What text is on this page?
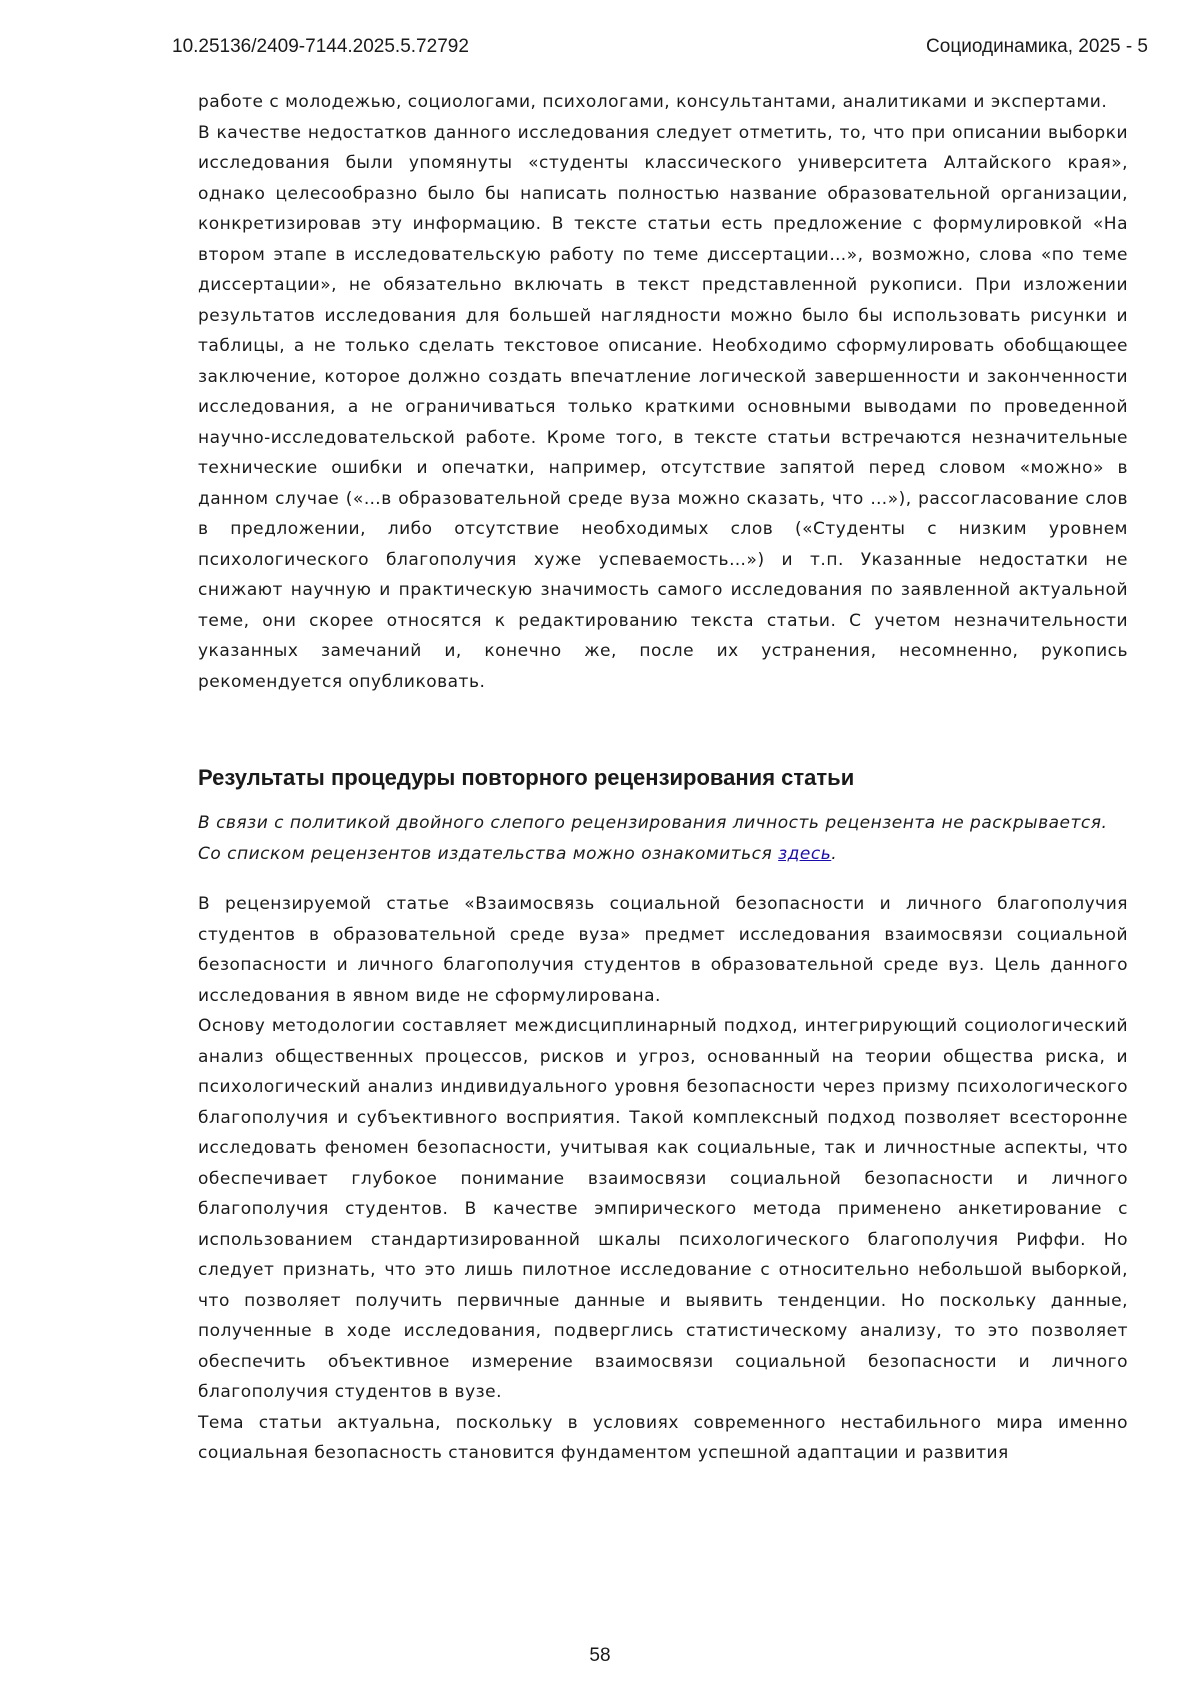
10.25136/2409-7144.2025.5.72792	Социодинамика, 2025 - 5

работе с молодежью, социологами, психологами, консультантами, аналитиками и экспертами.

В качестве недостатков данного исследования следует отметить, то, что при описании выборки исследования были упомянуты «студенты классического университета Алтайского края», однако целесообразно было бы написать полностью название образовательной организации, конкретизировав эту информацию. В тексте статьи есть предложение с формулировкой «На втором этапе в исследовательскую работу по теме диссертации…», возможно, слова «по теме диссертации», не обязательно включать в текст представленной рукописи. При изложении результатов исследования для большей наглядности можно было бы использовать рисунки и таблицы, а не только сделать текстовое описание. Необходимо сформулировать обобщающее заключение, которое должно создать впечатление логической завершенности и законченности исследования, а не ограничиваться только краткими основными выводами по проведенной научно-исследовательской работе. Кроме того, в тексте статьи встречаются незначительные технические ошибки и опечатки, например, отсутствие запятой перед словом «можно» в данном случае («…в образовательной среде вуза можно сказать, что …»), рассогласование слов в предложении, либо отсутствие необходимых слов («Студенты с низким уровнем психологического благополучия хуже успеваемость…») и т.п. Указанные недостатки не снижают научную и практическую значимость самого исследования по заявленной актуальной теме, они скорее относятся к редактированию текста статьи. С учетом незначительности указанных замечаний и, конечно же, после их устранения, несомненно, рукопись рекомендуется опубликовать.

Результаты процедуры повторного рецензирования статьи

В связи с политикой двойного слепого рецензирования личность рецензента не раскрывается.

Со списком рецензентов издательства можно ознакомиться здесь.

В рецензируемой статье «Взаимосвязь социальной безопасности и личного благополучия студентов в образовательной среде вуза» предмет исследования взаимосвязи социальной безопасности и личного благополучия студентов в образовательной среде вуз. Цель данного исследования в явном виде не сформулирована.

Основу методологии составляет междисциплинарный подход, интегрирующий социологический анализ общественных процессов, рисков и угроз, основанный на теории общества риска, и психологический анализ индивидуального уровня безопасности через призму психологического благополучия и субъективного восприятия. Такой комплексный подход позволяет всесторонне исследовать феномен безопасности, учитывая как социальные, так и личностные аспекты, что обеспечивает глубокое понимание взаимосвязи социальной безопасности и личного благополучия студентов. В качестве эмпирического метода применено анкетирование с использованием стандартизированной шкалы психологического благополучия Риффи. Но следует признать, что это лишь пилотное исследование с относительно небольшой выборкой, что позволяет получить первичные данные и выявить тенденции. Но поскольку данные, полученные в ходе исследования, подверглись статистическому анализу, то это позволяет обеспечить объективное измерение взаимосвязи социальной безопасности и личного благополучия студентов в вузе.

Тема статьи актуальна, поскольку в условиях современного нестабильного мира именно социальная безопасность становится фундаментом успешной адаптации и развития

58
